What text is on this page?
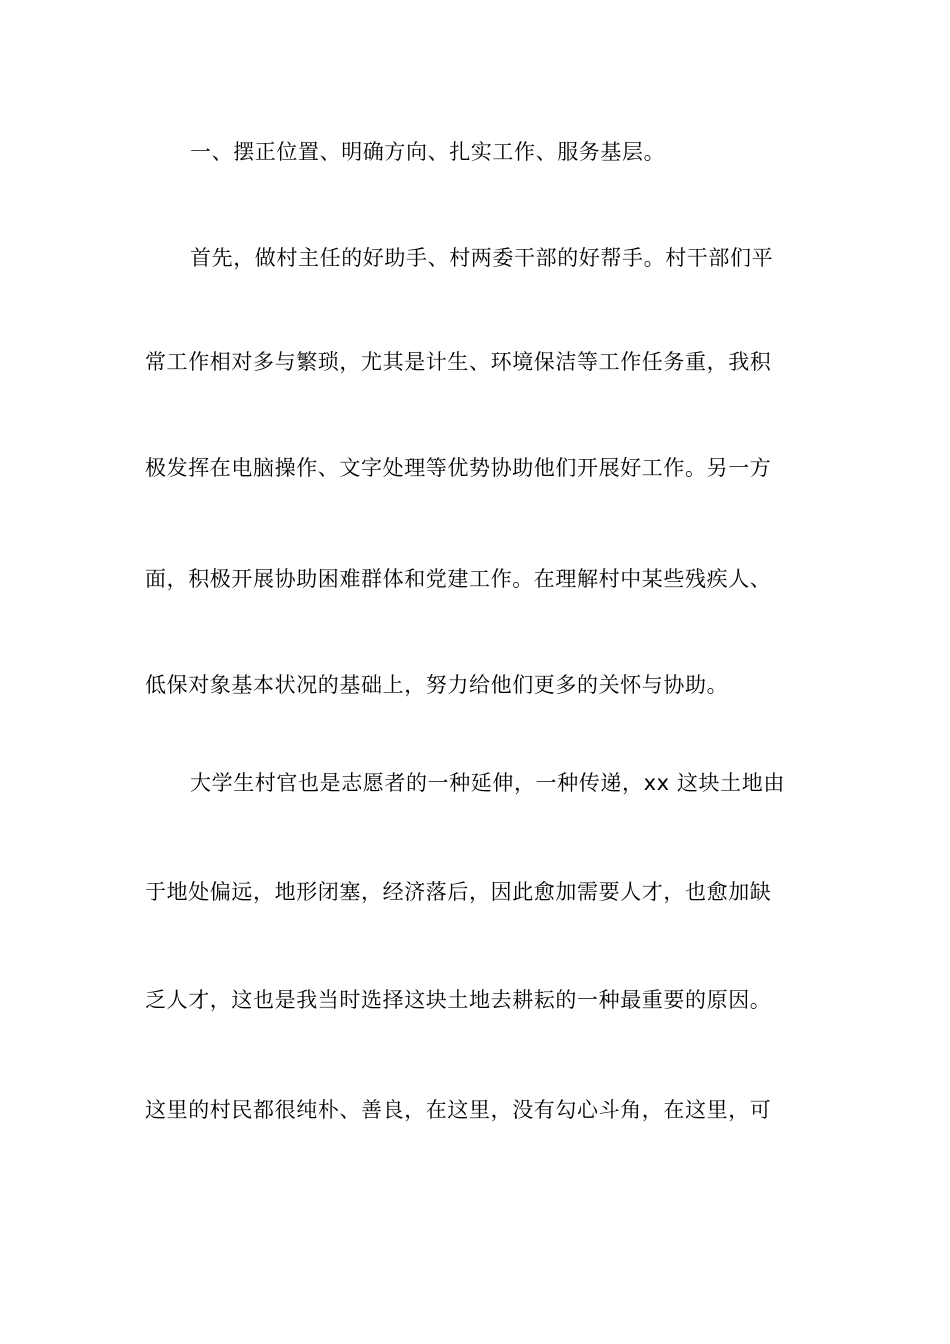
一、摆正位置、明确方向、扎实工作、服务基层。
首先，做村主任的好助手、村两委干部的好帮手。村干部们平
常工作相对多与繁琐，尤其是计生、环境保洁等工作任务重，我积
极发挥在电脑操作、文字处理等优势协助他们开展好工作。另一方
面，积极开展协助困难群体和党建工作。在理解村中某些残疾人、
低保对象基本状况的基础上，努力给他们更多的关怀与协助。
大学生村官也是志愿者的一种延伸，一种传递，xx 这块土地由
于地处偏远，地形闭塞，经济落后，因此愈加需要人才，也愈加缺
乏人才，这也是我当时选择这块土地去耕耘的一种最重要的原因。
这里的村民都很纯朴、善良，在这里，没有勾心斗角，在这里，可
